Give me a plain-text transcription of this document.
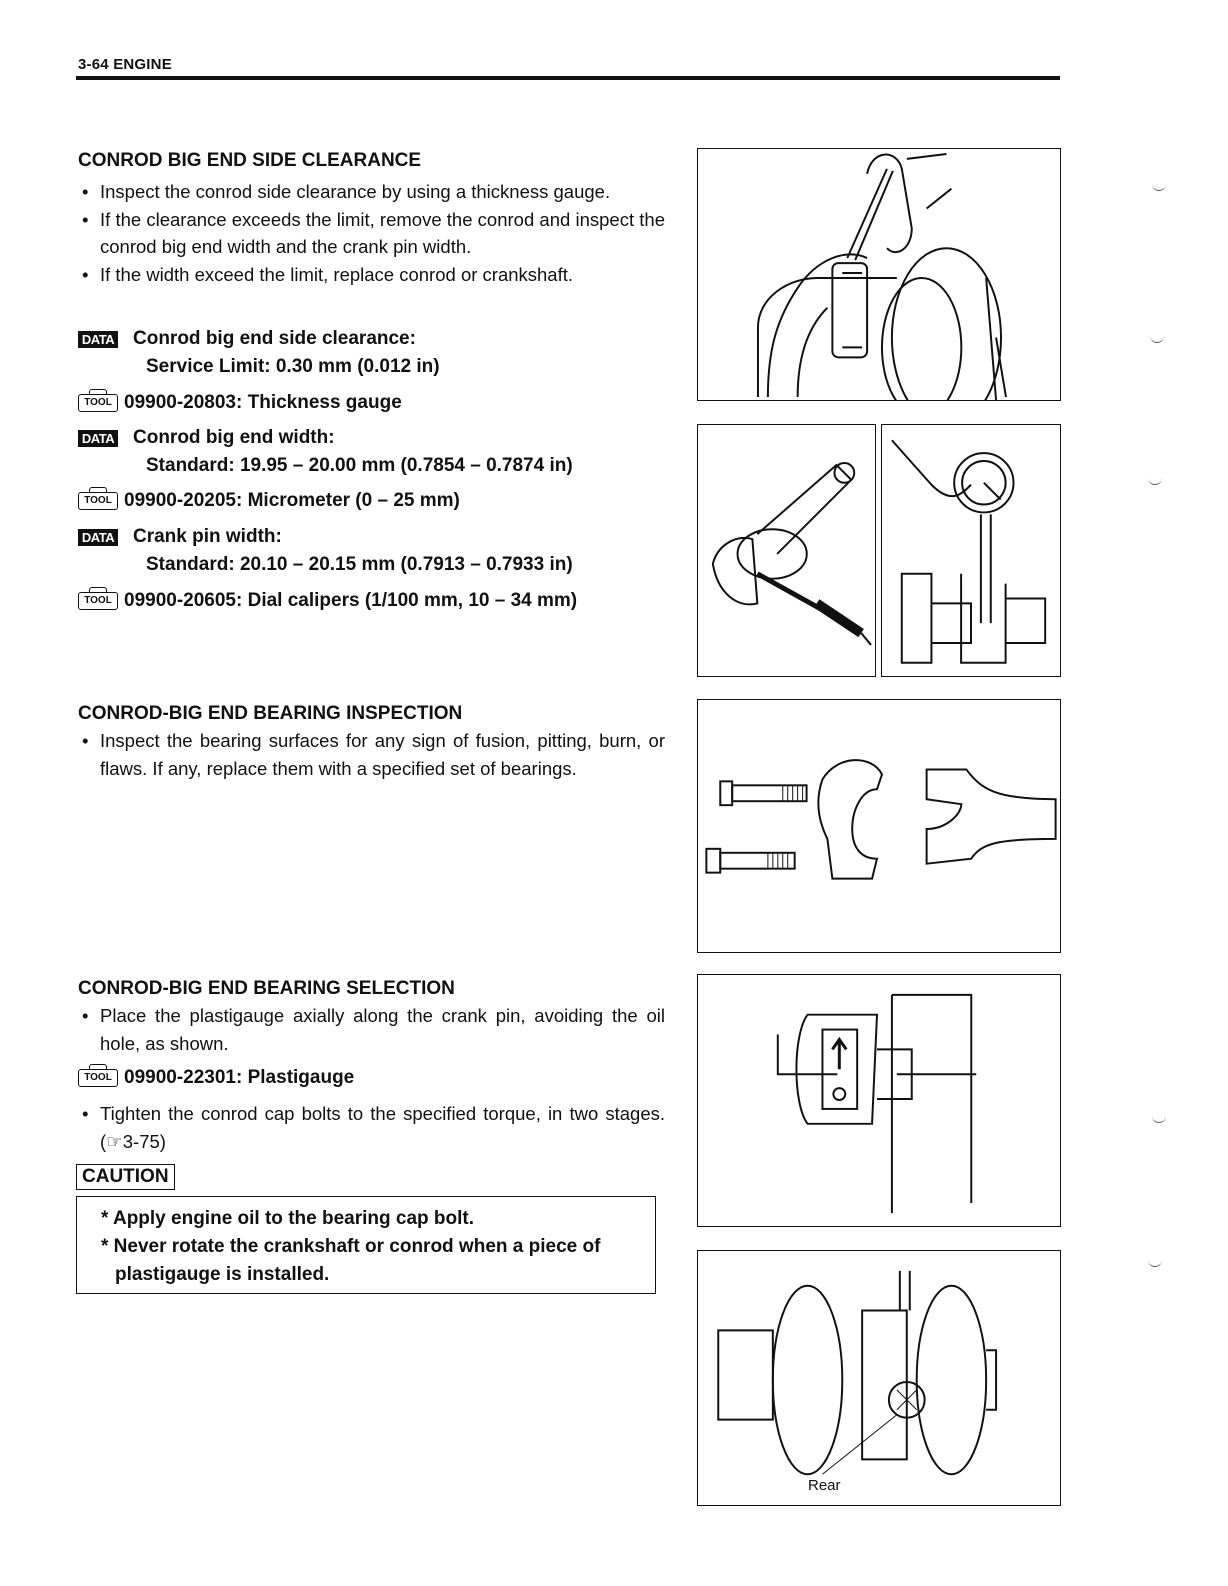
3-64 ENGINE
CONROD BIG END SIDE CLEARANCE
• Inspect the conrod side clearance by using a thickness gauge.
• If the clearance exceeds the limit, remove the conrod and inspect the conrod big end width and the crank pin width.
• If the width exceed the limit, replace conrod or crankshaft.
DATA Conrod big end side clearance:
Service Limit: 0.30 mm (0.012 in)
TOOL 09900-20803: Thickness gauge
DATA Conrod big end width:
Standard: 19.95 – 20.00 mm (0.7854 – 0.7874 in)
TOOL 09900-20205: Micrometer (0 – 25 mm)
DATA Crank pin width:
Standard: 20.10 – 20.15 mm (0.7913 – 0.7933 in)
TOOL 09900-20605: Dial calipers (1/100 mm, 10 – 34 mm)
CONROD-BIG END BEARING INSPECTION
• Inspect the bearing surfaces for any sign of fusion, pitting, burn, or flaws. If any, replace them with a specified set of bearings.
CONROD-BIG END BEARING SELECTION
• Place the plastigauge axially along the crank pin, avoiding the oil hole, as shown.
TOOL 09900-22301: Plastigauge
• Tighten the conrod cap bolts to the specified torque, in two stages. (☞3-75)
CAUTION
* Apply engine oil to the bearing cap bolt.
* Never rotate the crankshaft or conrod when a piece of plastigauge is installed.
Rear
